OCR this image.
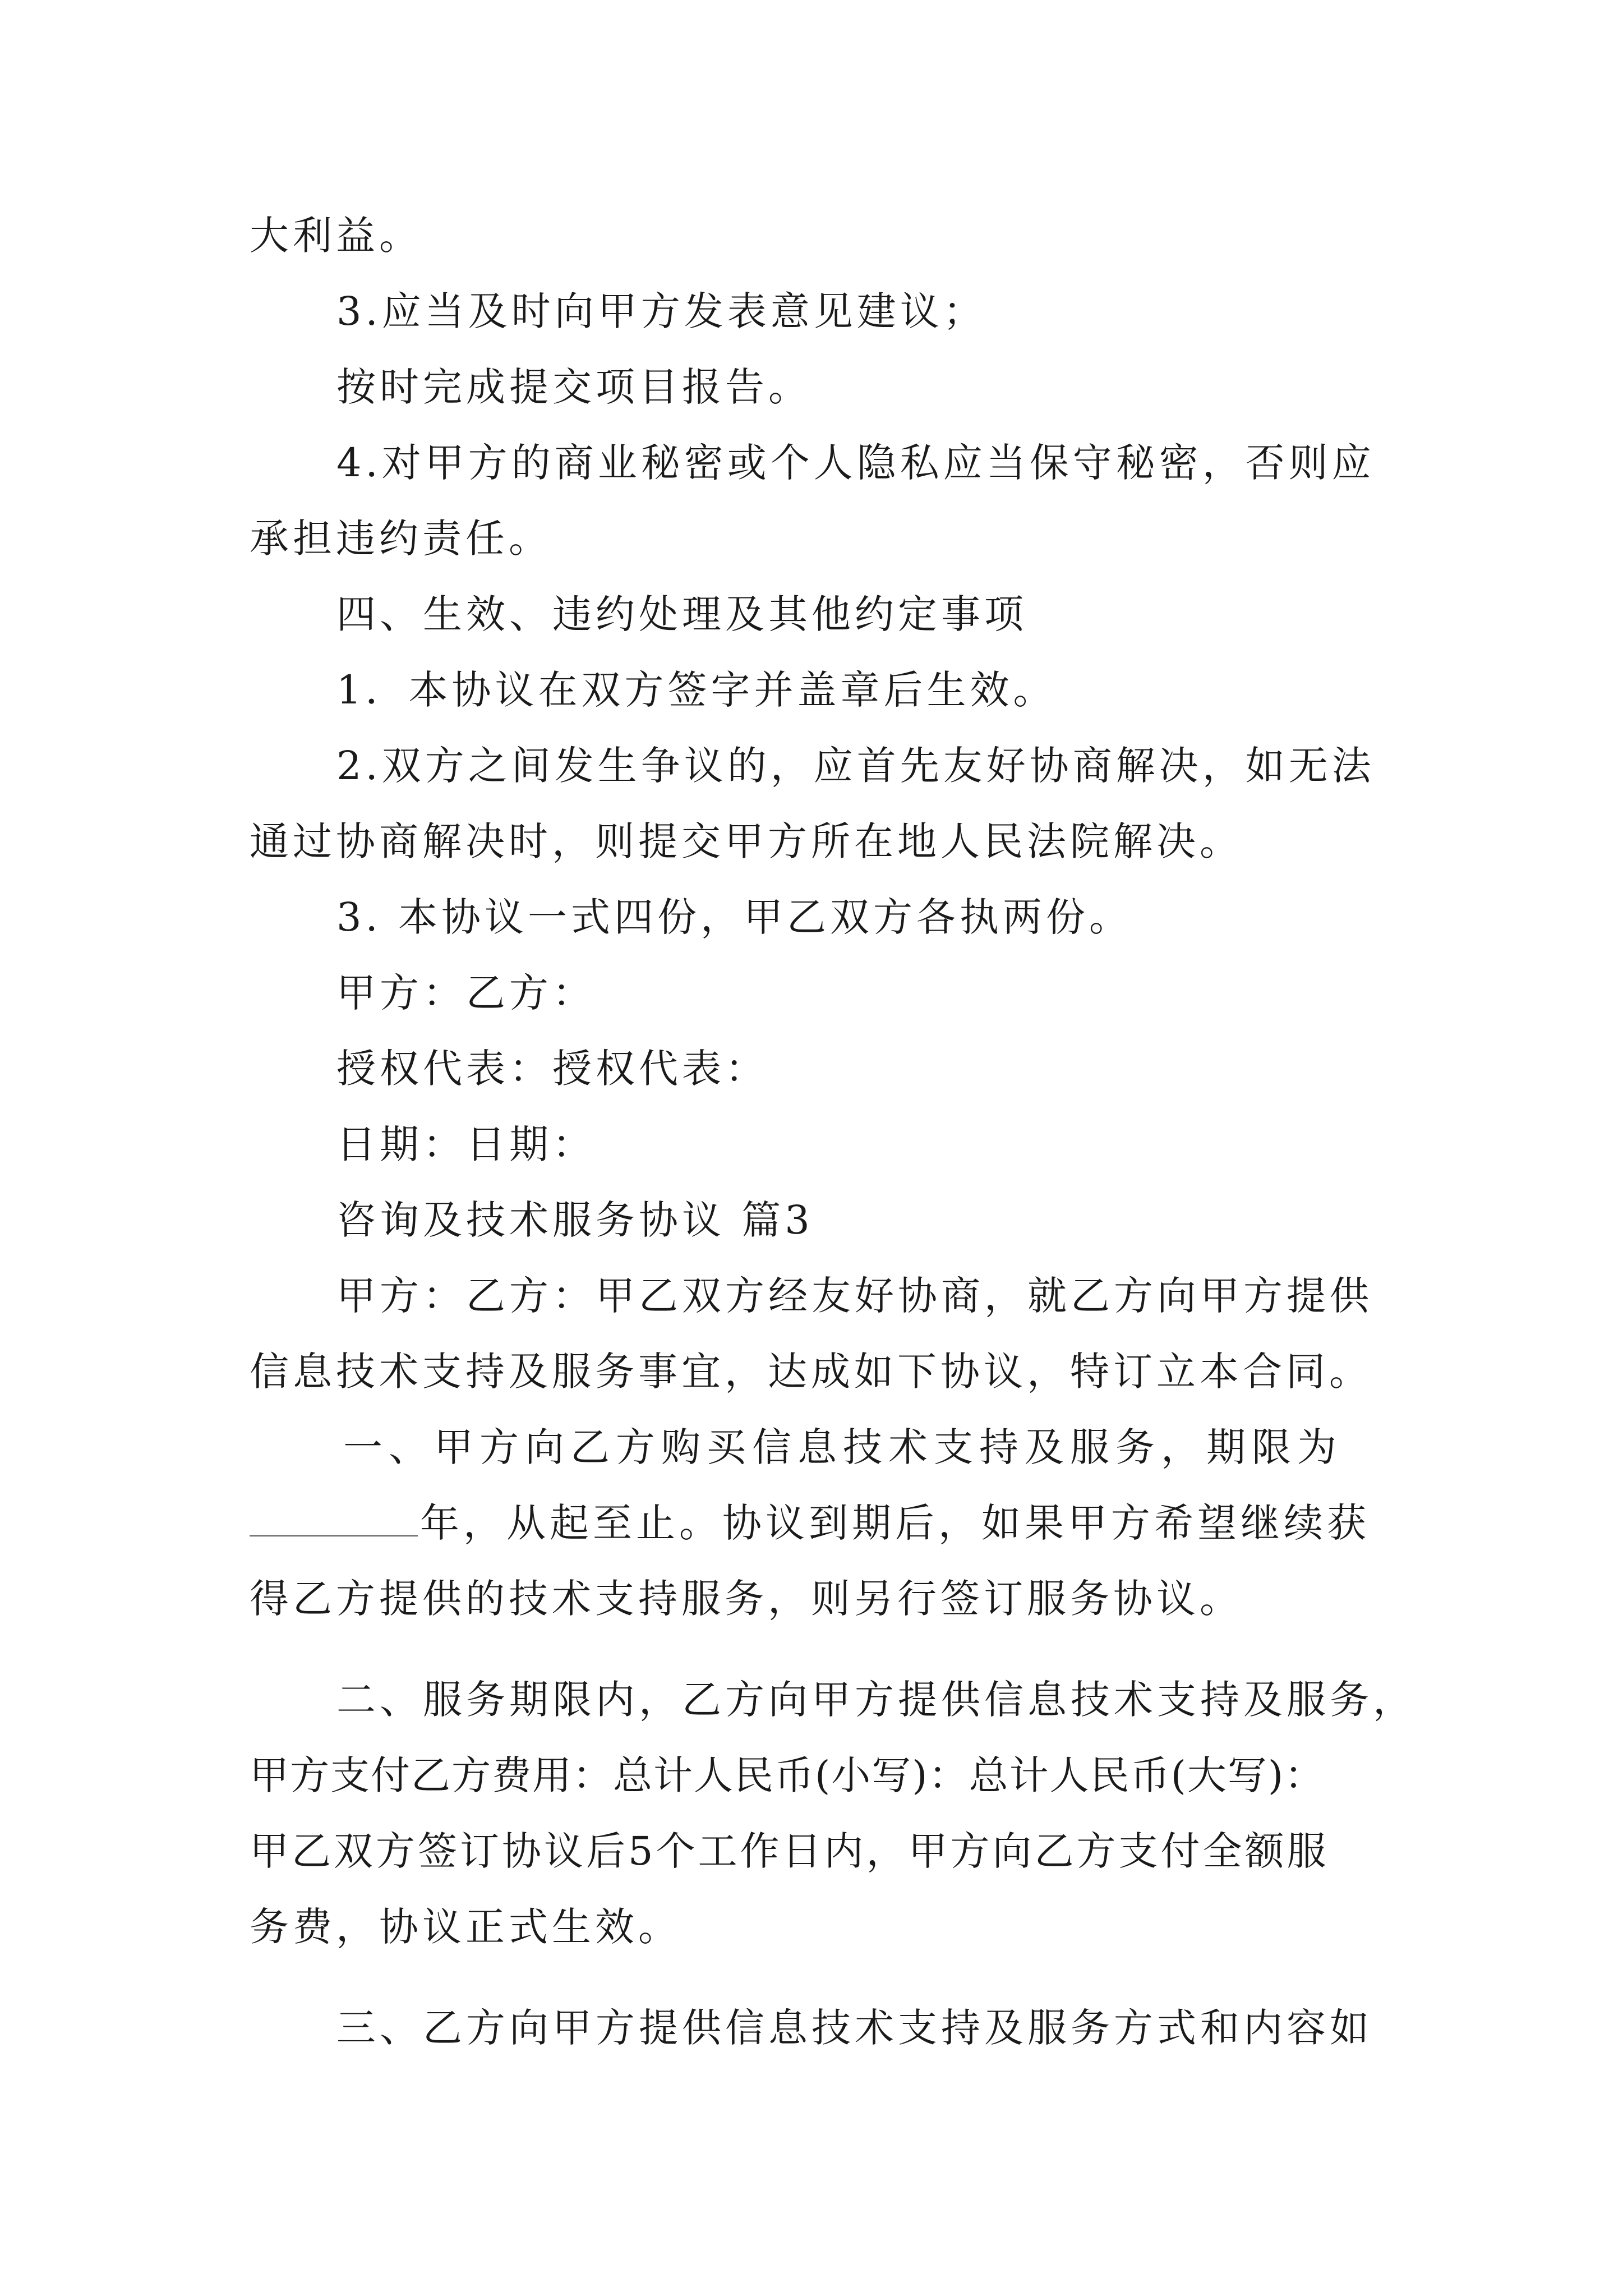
大利益。
3.应当及时向甲方发表意见建议；
按时完成提交项目报告。
4.对甲方的商业秘密或个人隐私应当保守秘密，否则应
承担违约责任。
四、生效、违约处理及其他约定事项
1．本协议在双方签字并盖章后生效。
2.双方之间发生争议的，应首先友好协商解决，如无法
通过协商解决时，则提交甲方所在地人民法院解决。
3. 本协议一式四份，甲乙双方各执两份。
甲方：乙方：
授权代表：授权代表：
日期：日期：
咨询及技术服务协议 篇3
甲方：乙方：甲乙双方经友好协商，就乙方向甲方提供
信息技术支持及服务事宜，达成如下协议，特订立本合同。
一、甲方向乙方购买信息技术支持及服务，期限为
年，从起至止。协议到期后，如果甲方希望继续获
得乙方提供的技术支持服务，则另行签订服务协议。
二、服务期限内，乙方向甲方提供信息技术支持及服务，
甲方支付乙方费用：总计人民币(小写)：总计人民币(大写)：
甲乙双方签订协议后5个工作日内，甲方向乙方支付全额服
务费，协议正式生效。
三、乙方向甲方提供信息技术支持及服务方式和内容如
